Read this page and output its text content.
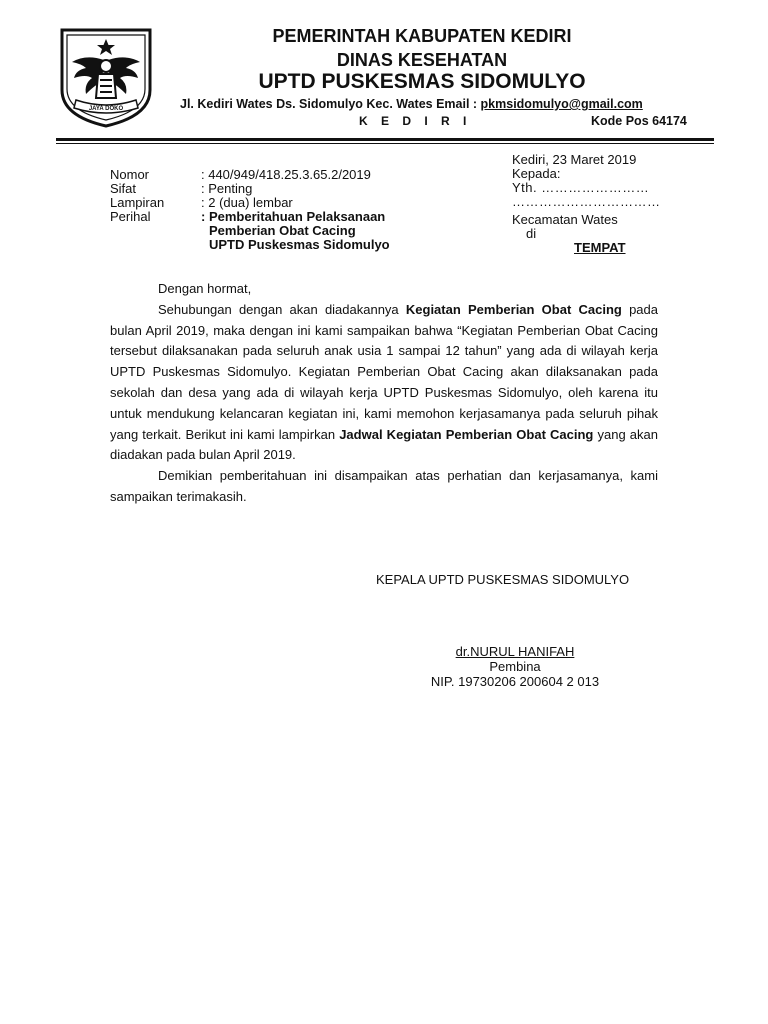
JAYA DOKO
PEMERINTAH KABUPATEN KEDIRI
DINAS KESEHATAN
UPTD PUSKESMAS SIDOMULYO
Jl. Kediri Wates Ds. Sidomulyo Kec. Wates Email : pkmsidomulyo@gmail.com
K E D I R I	Kode Pos 64174
Nomor	: 440/949/418.25.3.65.2/2019
Sifat	: Penting
Lampiran	: 2 (dua) lembar
Perihal	: Pemberitahuan Pelaksanaan
Pemberian Obat Cacing
UPTD Puskesmas Sidomulyo
Kediri, 23 Maret 2019
Kepada:
Yth. ……………………
……………………………
Kecamatan Wates
di
TEMPAT

Dengan hormat,

Sehubungan dengan akan diadakannya Kegiatan Pemberian Obat Cacing pada bulan April 2019, maka dengan ini kami sampaikan bahwa “Kegiatan Pemberian Obat Cacing tersebut dilaksanakan pada seluruh anak usia 1 sampai 12 tahun” yang ada di wilayah kerja UPTD Puskesmas Sidomulyo. Kegiatan Pemberian Obat Cacing akan dilaksanakan pada sekolah dan desa yang ada di wilayah kerja UPTD Puskesmas Sidomulyo, oleh karena itu untuk mendukung kelancaran kegiatan ini, kami memohon kerjasamanya pada seluruh pihak yang terkait. Berikut ini kami lampirkan Jadwal Kegiatan Pemberian Obat Cacing yang akan diadakan pada bulan April 2019.

Demikian pemberitahuan ini disampaikan atas perhatian dan kerjasamanya, kami sampaikan terimakasih.

KEPALA UPTD PUSKESMAS SIDOMULYO
dr.NURUL HANIFAH
Pembina
NIP. 19730206 200604 2 013
